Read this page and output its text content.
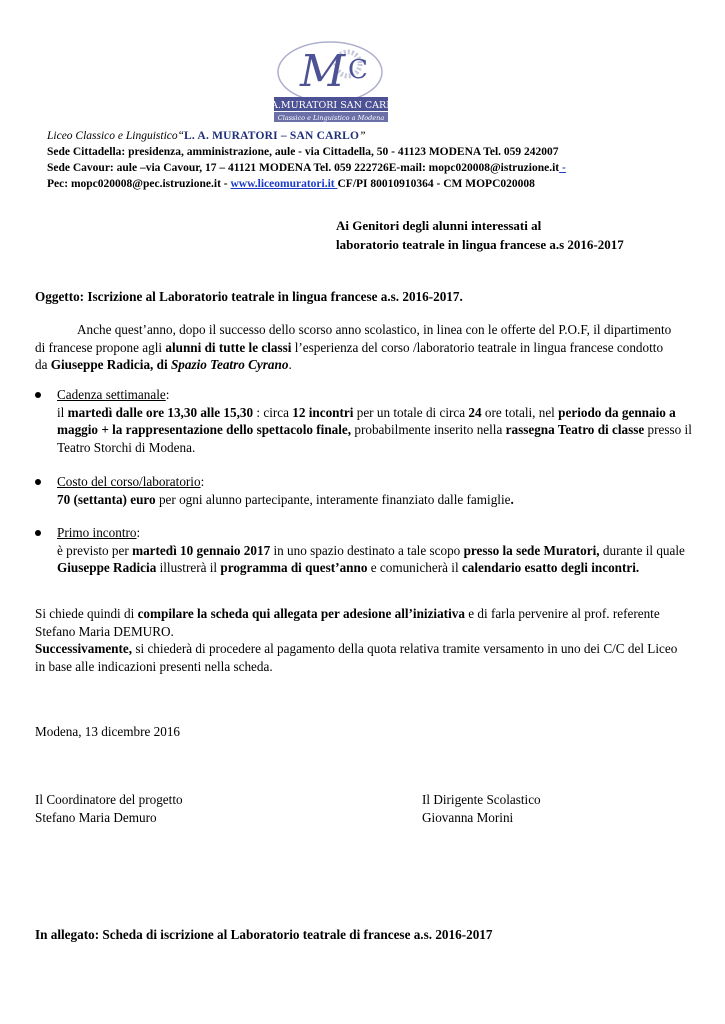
M C
L.A.MURATORI SAN CARLO
Classico e Linguistico a Modena
Liceo Classico e Linguistico“L. A. MURATORI – SAN CARLO”
Sede Cittadella: presidenza, amministrazione, aule - via Cittadella, 50 - 41123 MODENA Tel. 059 242007
Sede Cavour: aule –via Cavour, 17 – 41121 MODENA Tel. 059 222726E-mail: mopc020008@istruzione.it -
Pec: mopc020008@pec.istruzione.it - www.liceomuratori.it CF/PI 80010910364 - CM MOPC020008
Ai Genitori degli alunni interessati al
laboratorio teatrale in lingua francese a.s 2016-2017
Oggetto: Iscrizione al Laboratorio teatrale in lingua francese a.s. 2016-2017.

Anche quest’anno, dopo il successo dello scorso anno scolastico, in linea con le offerte del P.O.F, il dipartimento di francese propone agli alunni di tutte le classi l’esperienza del corso /laboratorio teatrale in lingua francese condotto da Giuseppe Radicia, di Spazio Teatro Cyrano.

Cadenza settimanale:

il martedì dalle ore 13,30 alle 15,30 : circa 12 incontri per un totale di circa 24 ore totali, nel periodo da gennaio a maggio + la rappresentazione dello spettacolo finale, probabilmente inserito nella rassegna Teatro di classe presso il Teatro Storchi di Modena.

Costo del corso/laboratorio:

70 (settanta) euro per ogni alunno partecipante, interamente finanziato dalle famiglie.

Primo incontro:

è previsto per martedì 10 gennaio 2017 in uno spazio destinato a tale scopo presso la sede Muratori, durante il quale Giuseppe Radicia illustrerà il programma di quest’anno e comunicherà il calendario esatto degli incontri.

Si chiede quindi di compilare la scheda qui allegata per adesione all’iniziativa e di farla pervenire al prof. referente Stefano Maria DEMURO.
Successivamente, si chiederà di procedere al pagamento della quota relativa tramite versamento in uno dei C/C del Liceo in base alle indicazioni presenti nella scheda.

Modena, 13 dicembre 2016
Il Coordinatore del progetto
Stefano Maria Demuro
Il Dirigente Scolastico
Giovanna Morini
In allegato: Scheda di iscrizione al Laboratorio teatrale di francese a.s. 2016-2017
